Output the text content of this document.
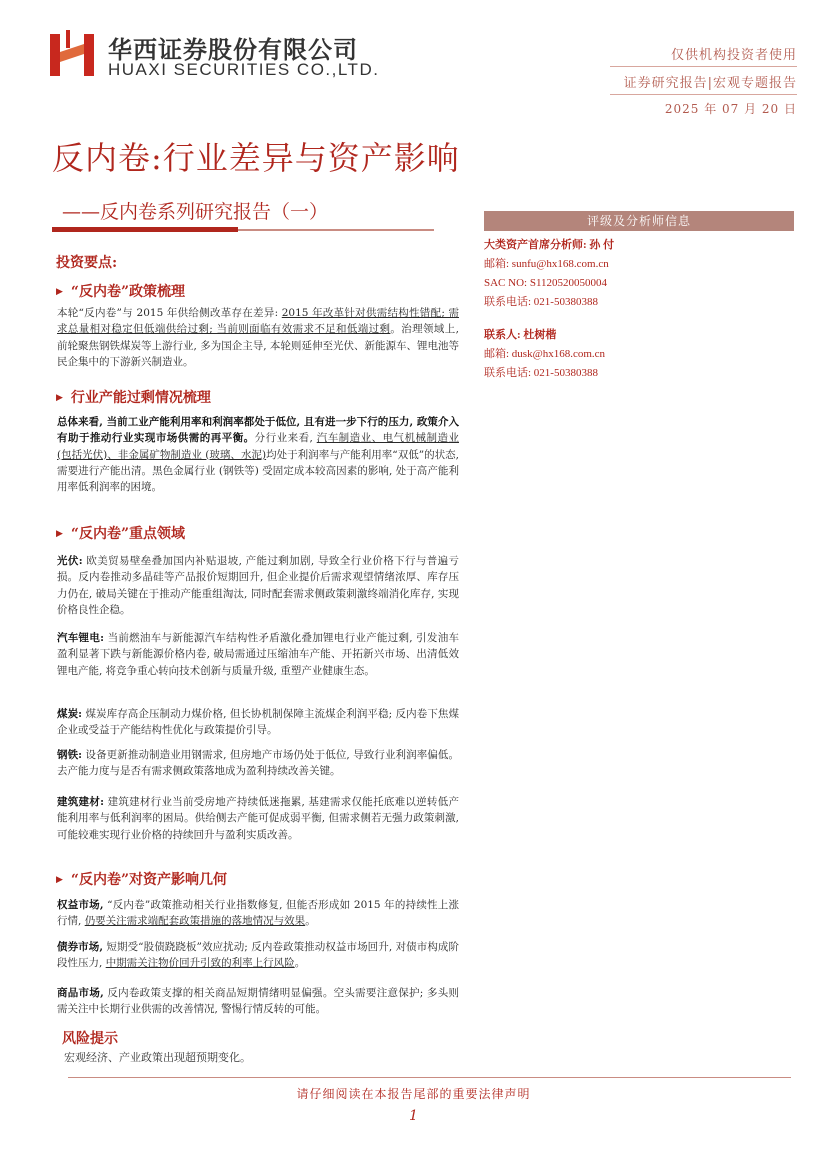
华西证券股份有限公司
HUAXI SECURITIES CO.,LTD.
仅供机构投资者使用
证券研究报告|宏观专题报告
2025 年 07 月 20 日
反内卷:行业差异与资产影响
——反内卷系列研究报告（一）	评级及分析师信息
大类资产首席分析师: 孙 付
邮箱: sunfu@hx168.com.cn
SAC NO: S1120520050004
联系电话: 021-50380388
联系人: 杜树楷
邮箱: dusk@hx168.com.cn
联系电话: 021-50380388
投资要点:
▶ “反内卷”政策梳理
本轮“反内卷”与 2015 年供给侧改革存在差异: 2015 年改革针对供需结构性错配; 需求总量相对稳定但低端供给过剩; 当前则面临有效需求不足和低端过剩。治理领域上, 前轮聚焦钢铁煤炭等上游行业, 多为国企主导, 本轮则延伸至光伏、新能源车、锂电池等民企集中的下游新兴制造业。
▶ 行业产能过剩情况梳理
总体来看, 当前工业产能利用率和利润率都处于低位, 且有进一步下行的压力, 政策介入有助于推动行业实现市场供需的再平衡。分行业来看, 汽车制造业、电气机械制造业 (包括光伏)、非金属矿物制造业 (玻璃、水泥)均处于利润率与产能利用率“双低”的状态, 需要进行产能出清。黑色金属行业 (钢铁等) 受固定成本较高因素的影响, 处于高产能利用率低利润率的困境。
▶ “反内卷”重点领域
光伏: 欧美贸易壁垒叠加国内补贴退坡, 产能过剩加剧, 导致全行业价格下行与普遍亏损。反内卷推动多晶硅等产品报价短期回升, 但企业提价后需求观望情绪浓厚、库存压力仍在, 破局关键在于推动产能重组淘汰, 同时配套需求侧政策刺激终端消化库存, 实现价格良性企稳。
汽车锂电: 当前燃油车与新能源汽车结构性矛盾激化叠加锂电行业产能过剩, 引发油车盈利显著下跌与新能源价格内卷, 破局需通过压缩油车产能、开拓新兴市场、出清低效锂电产能, 将竞争重心转向技术创新与质量升级, 重塑产业健康生态。
煤炭: 煤炭库存高企压制动力煤价格, 但长协机制保障主流煤企利润平稳; 反内卷下焦煤企业或受益于产能结构性优化与政策提价引导。
钢铁: 设备更新推动制造业用钢需求, 但房地产市场仍处于低位, 导致行业利润率偏低。去产能力度与是否有需求侧政策落地成为盈利持续改善关键。
建筑建材: 建筑建材行业当前受房地产持续低迷拖累, 基建需求仅能托底难以逆转低产能利用率与低利润率的困局。供给侧去产能可促成弱平衡, 但需求侧若无强力政策刺激, 可能较难实现行业价格的持续回升与盈利实质改善。
▶ “反内卷”对资产影响几何
权益市场, “反内卷”政策推动相关行业指数修复, 但能否形成如 2015 年的持续性上涨行情, 仍要关注需求端配套政策措施的落地情况与效果。
债券市场, 短期受“股债跷跷板”效应扰动; 反内卷政策推动权益市场回升, 对债市构成阶段性压力, 中期需关注物价回升引致的利率上行风险。
商品市场, 反内卷政策支撑的相关商品短期情绪明显偏强。空头需要注意保护; 多头则需关注中长期行业供需的改善情况, 警惕行情反转的可能。
风险提示
宏观经济、产业政策出现超预期变化。
请仔细阅读在本报告尾部的重要法律声明
1
